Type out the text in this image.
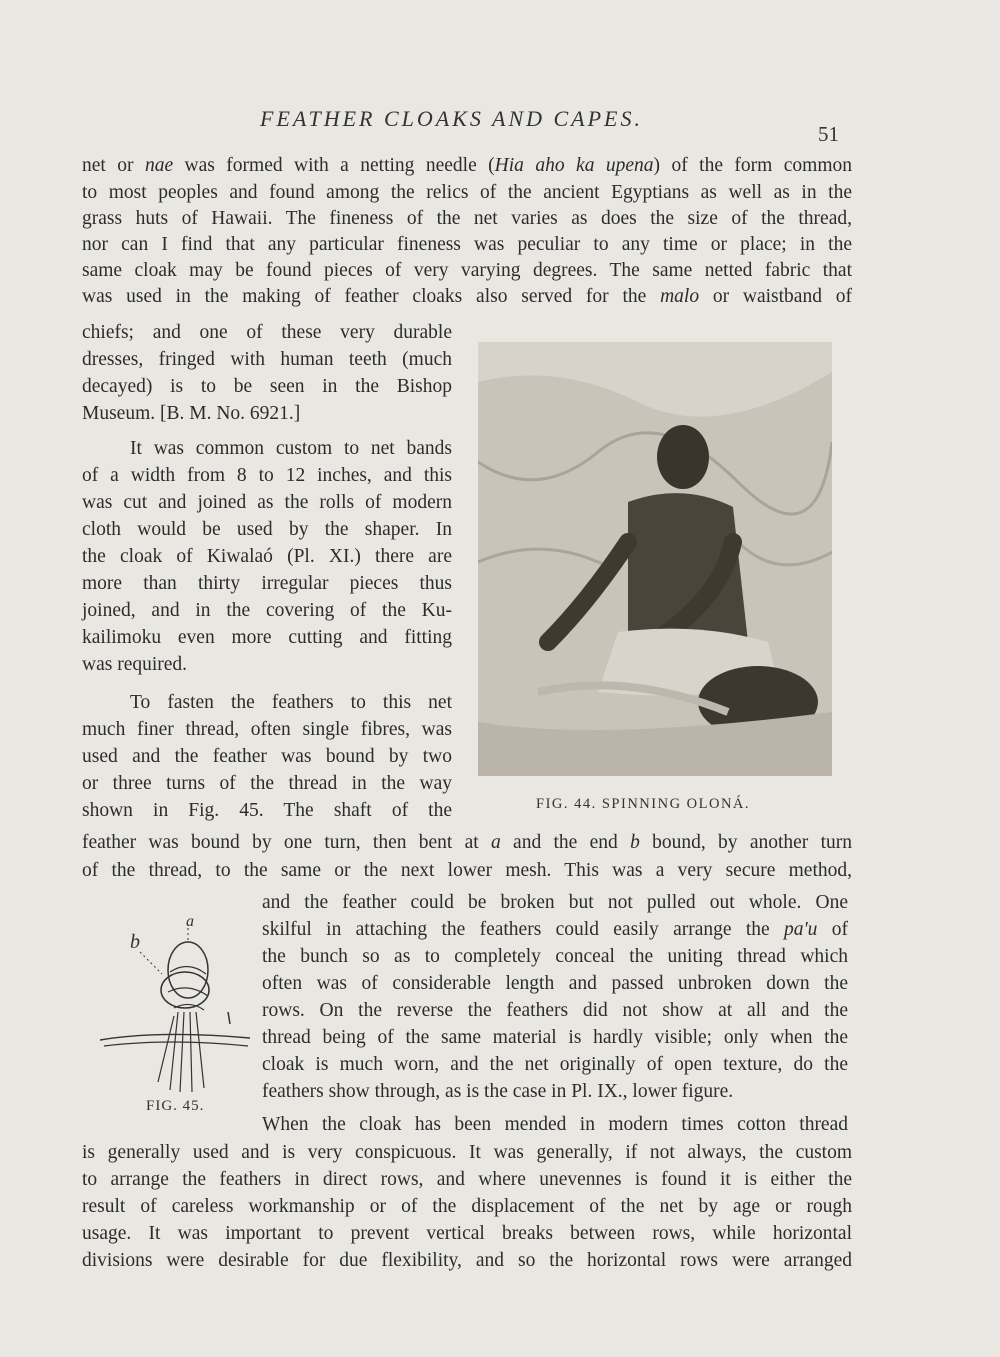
FEATHER CLOAKS AND CAPES.
51
net or nae was formed with a netting needle (Hia aho ka upena) of the form common
to most peoples and found among the relics of the ancient Egyptians as well as in the
grass huts of Hawaii. The fineness of the net varies as does the size of the thread,
nor can I find that any particular fineness was peculiar to any time or place; in the
same cloak may be found pieces of very varying degrees. The same netted fabric that
was used in the making of feather cloaks also served for the malo or waistband of
chiefs; and one of these very durable
dresses, fringed with human teeth (much
decayed) is to be seen in the Bishop
Museum. [B. M. No. 6921.]
It was common custom to net bands
of a width from 8 to 12 inches, and this
was cut and joined as the rolls of modern
cloth would be used by the shaper. In
the cloak of Kiwalaó (Pl. XI.) there are
more than thirty irregular pieces thus
joined, and in the covering of the Ku-
kailimoku even more cutting and fitting
was required.
To fasten the feathers to this net
much finer thread, often single fibres, was
used and the feather was bound by two
or three turns of the thread in the way
shown in Fig. 45. The shaft of the
feather was bound by one turn, then bent at a and the end b bound, by another turn
of the thread, to the same or the next lower mesh. This was a very secure method,
and the feather could be broken but not pulled out whole. One
skilful in attaching the feathers could easily arrange the pa'u of
the bunch so as to completely conceal the uniting thread which
often was of considerable length and passed unbroken down the
rows. On the reverse the feathers did not show at all and the
thread being of the same material is hardly visible; only when the
cloak is much worn, and the net originally of open texture, do the
feathers show through, as is the case in Pl. IX., lower figure.
When the cloak has been mended in modern times cotton thread
is generally used and is very conspicuous. It was generally, if not always, the custom
to arrange the feathers in direct rows, and where unevennes is found it is either the
result of careless workmanship or of the displacement of the net by age or rough
usage. It was important to prevent vertical breaks between rows, while horizontal
divisions were desirable for due flexibility, and so the horizontal rows were arranged
FIG. 44. SPINNING OLONÁ.
a
b
FIG. 45.
